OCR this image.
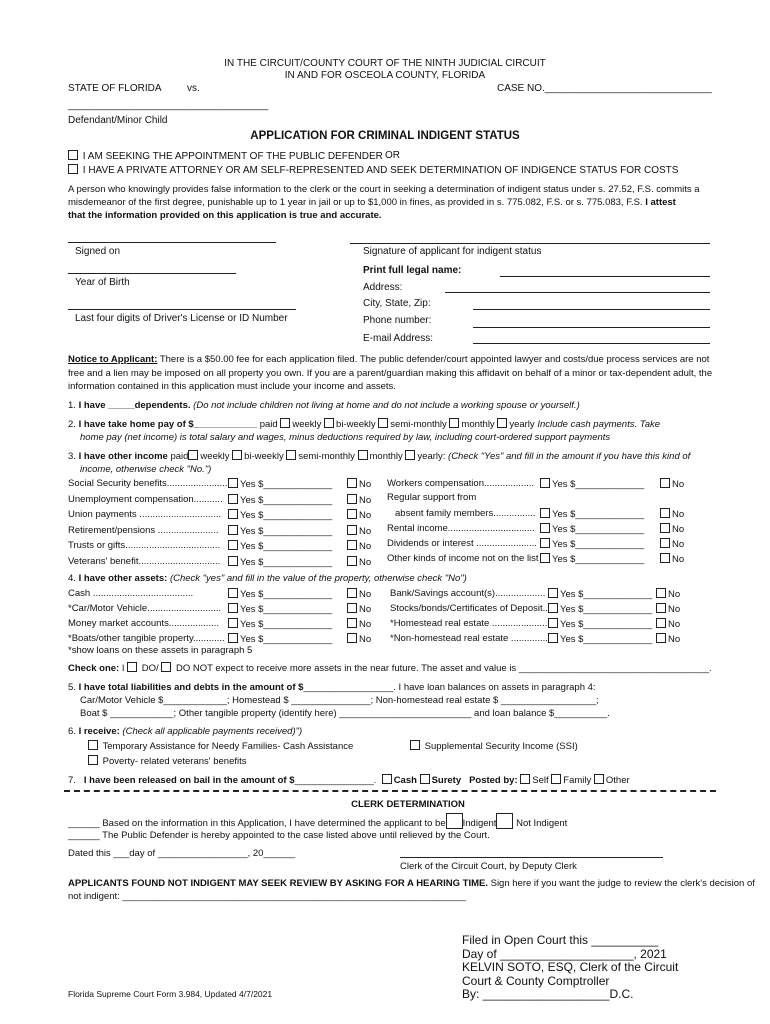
IN THE CIRCUIT/COUNTY COURT OF THE NINTH JUDICIAL CIRCUIT
IN AND FOR OSCEOLA COUNTY, FLORIDA
STATE OF FLORIDA	vs.	CASE NO.______________________________
____________________________________
Defendant/Minor Child
APPLICATION FOR CRIMINAL INDIGENT STATUS
I AM SEEKING THE APPOINTMENT OF THE PUBLIC DEFENDER OR
I HAVE A PRIVATE ATTORNEY OR AM SELF-REPRESENTED AND SEEK DETERMINATION OF INDIGENCE STATUS FOR COSTS
A person who knowingly provides false information to the clerk or the court in seeking a determination of indigent status under s. 27.52, F.S. commits a
misdemeanor of the first degree, punishable up to 1 year in jail or up to $1,000 in fines, as provided in s. 775.082, F.S. or s. 775.083, F.S. I attest
that the information provided on this application is true and accurate.
Signed on
Year of Birth
Last four digits of Driver's License or ID Number
Signature of applicant for indigent status
Print full legal name:
Address:
City, State, Zip:
Phone number:
E-mail Address:
Notice to Applicant: There is a $50.00 fee for each application filed. The public defender/court appointed lawyer and costs/due process services are not
free and a lien may be imposed on all property you own. If you are a parent/guardian making this affidavit on behalf of a minor or tax-dependent adult, the
information contained in this application must include your income and assets.
1. I have _____dependents. (Do not include children not living at home and do not include a working spouse or yourself.)
2. I have take home pay of $____________ paid weekly bi-weekly semi-monthly monthly yearly Include cash payments. Take
home pay (net income) is total salary and wages, minus deductions required by law, including court-ordered support payments
3. I have other income paid weekly bi-weekly semi-monthly monthly yearly: (Check "Yes" and fill in the amount if you have this kind of
income, otherwise check "No.")
Social Security benefits.......................	Yes $_____________	No
Unemployment compensation...........	Yes $_____________	No
Union payments ...............................	Yes $_____________	No
Retirement/pensions .......................	Yes $_____________	No
Trusts or gifts....................................	Yes $_____________	No
Veterans' benefit...............................	Yes $_____________	No
Workers compensation...................	Yes $_____________	No
absent family members................	Yes $_____________	No
Rental income.................................	Yes $_____________	No
Dividends or interest .......................	Yes $_____________	No
Other kinds of income not on the list	Yes $_____________	No
Regular support from
4. I have other assets: (Check "yes" and fill in the value of the property, otherwise check "No")
Cash ......................................	Yes $_____________	No
*Car/Motor Vehicle............................	Yes $_____________	No
Money market accounts...................	Yes $_____________	No
*Boats/other tangible property............	Yes $_____________	No
Bank/Savings account(s)...................	Yes $_____________	No
Stocks/bonds/Certificates of Deposit..	Yes $_____________	No
*Homestead real estate .....................	Yes $_____________	No
*Non-homestead real estate ..............	Yes $_____________	No
*show loans on these assets in paragraph 5
Check one: I DO/ DO NOT expect to receive more assets in the near future. The asset and value is ____________________________________.
5. I have total liabilities and debts in the amount of $_________________. I have loan balances on assets in paragraph 4:
Car/Motor Vehicle $____________; Homestead $ _______________; Non-homestead real estate $ __________________;
Boat $ ____________; Other tangible property (identify here) _________________________ and loan balance $__________.
6. I receive: (Check all applicable payments received)")
Temporary Assistance for Needy Families- Cash Assistance	Supplemental Security Income (SSI)
Poverty- related veterans' benefits
7. I have been released on bail in the amount of $_______________. Cash Surety Posted by: Self Family Other
CLERK DETERMINATION
______ Based on the information in this Application, I have determined the applicant to be Indigent Not Indigent
______ The Public Defender is hereby appointed to the case listed above until relieved by the Court.
Dated this ___day of _________________, 20______
Clerk of the Circuit Court, by Deputy Clerk
APPLICANTS FOUND NOT INDIGENT MAY SEEK REVIEW BY ASKING FOR A HEARING TIME. Sign here if you want the judge to review the clerk's decision of
not indigent: _________________________________________________________________
Florida Supreme Court Form 3.984, Updated 4/7/2021
Filed in Open Court this __________
Day of ____________________, 2021
KELVIN SOTO, ESQ, Clerk of the Circuit
Court & County Comptroller
By: ___________________D.C.
